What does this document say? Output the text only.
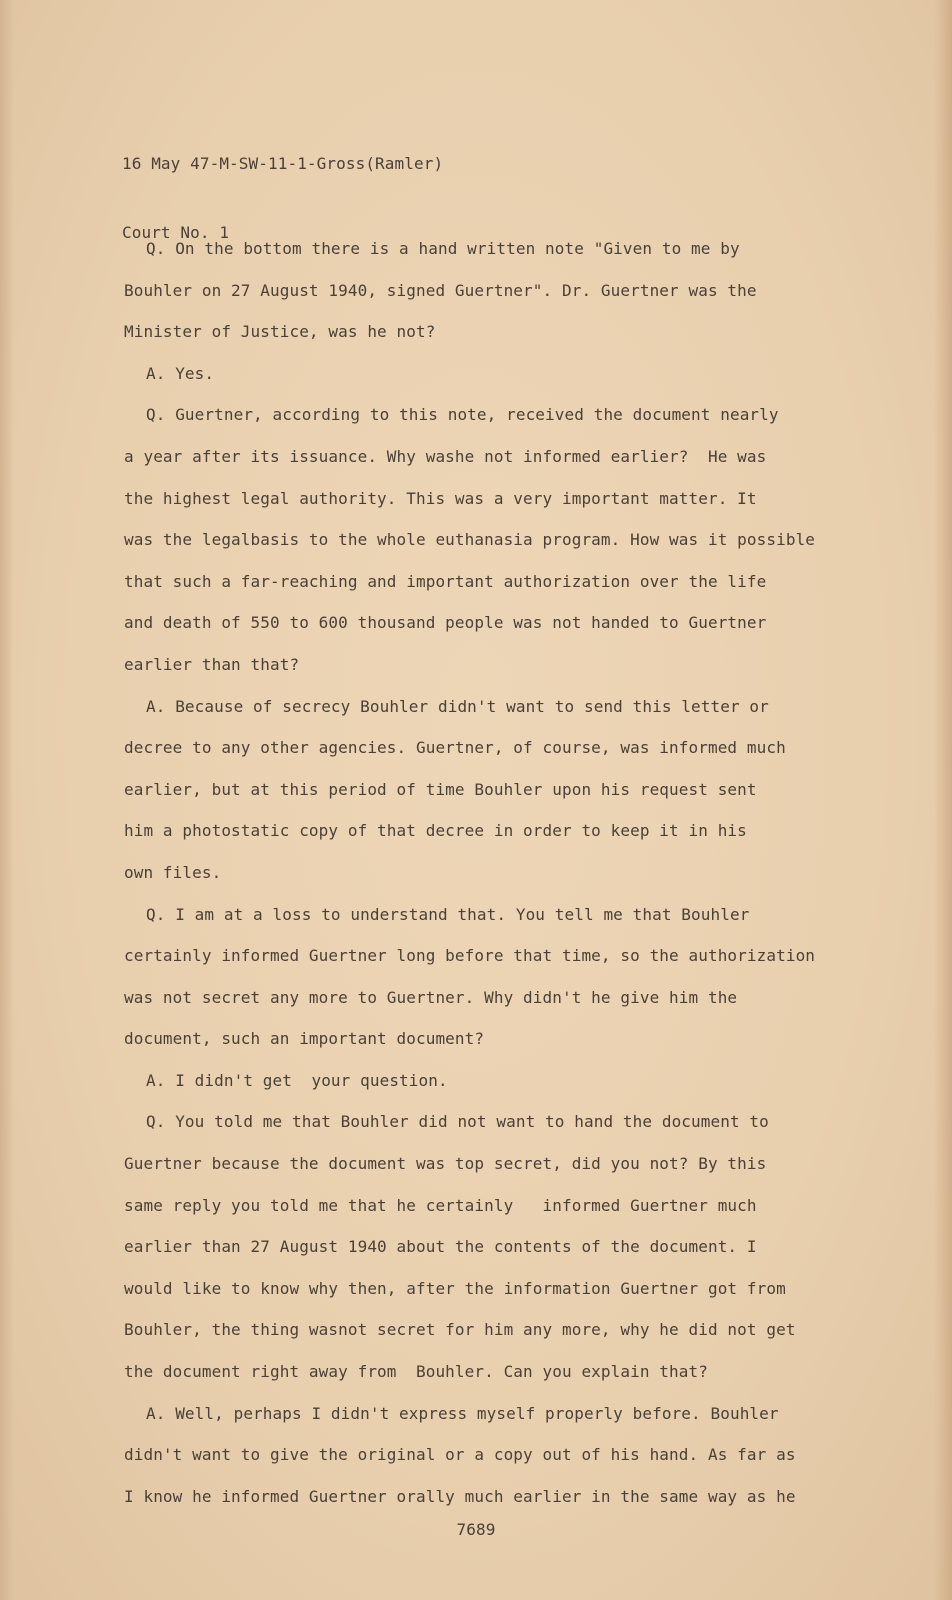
16 May 47-M-SW-11-1-Gross(Ramler)

Court No. 1

Q. On the bottom there is a hand written note "Given to me by
Bouhler on 27 August 1940, signed Guertner". Dr. Guertner was the
Minister of Justice, was he not?
A. Yes.
Q. Guertner, according to this note, received the document nearly
a year after its issuance. Why washe not informed earlier?  He was
the highest legal authority. This was a very important matter. It
was the legalbasis to the whole euthanasia program. How was it possible
that such a far-reaching and important authorization over the life
and death of 550 to 600 thousand people was not handed to Guertner
earlier than that?
A. Because of secrecy Bouhler didn't want to send this letter or
decree to any other agencies. Guertner, of course, was informed much
earlier, but at this period of time Bouhler upon his request sent
him a photostatic copy of that decree in order to keep it in his
own files.
Q. I am at a loss to understand that. You tell me that Bouhler
certainly informed Guertner long before that time, so the authorization
was not secret any more to Guertner. Why didn't he give him the
document, such an important document?
A. I didn't get  your question.
Q. You told me that Bouhler did not want to hand the document to
Guertner because the document was top secret, did you not? By this
same reply you told me that he certainly   informed Guertner much
earlier than 27 August 1940 about the contents of the document. I
would like to know why then, after the information Guertner got from
Bouhler, the thing wasnot secret for him any more, why he did not get
the document right away from  Bouhler. Can you explain that?
A. Well, perhaps I didn't express myself properly before. Bouhler
didn't want to give the original or a copy out of his hand. As far as
I know he informed Guertner orally much earlier in the same way as he
7689
